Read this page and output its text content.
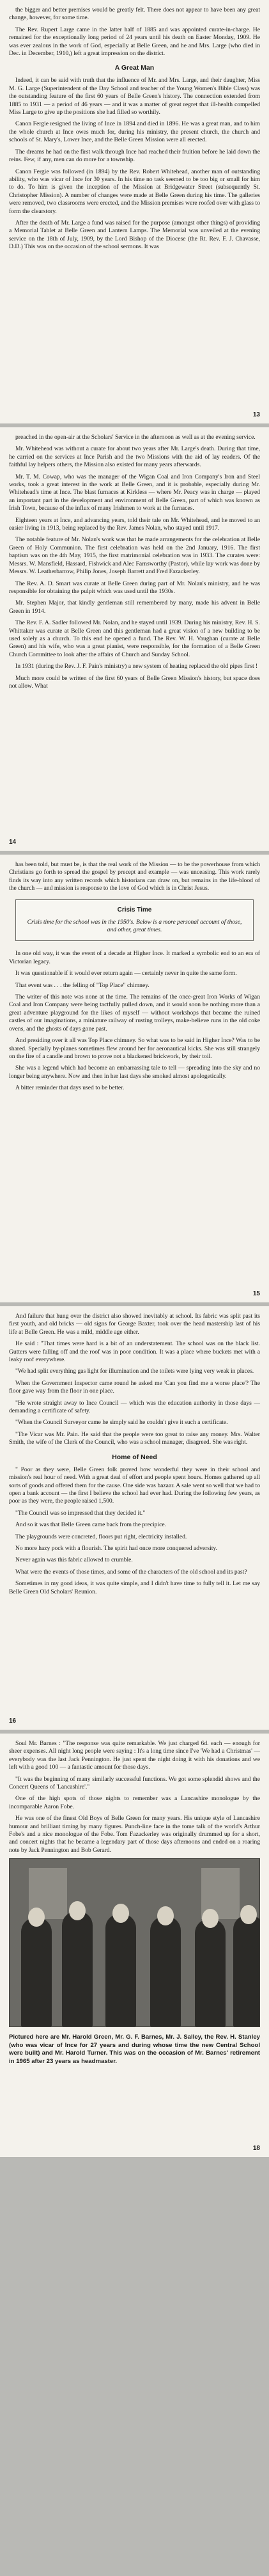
the bigger and better premises would be greatly felt. There does not appear to have been any great change, however, for some time.

The Rev. Rupert Large came in the latter half of 1885 and was appointed curate-in-charge. He remained for the exceptionally long period of 24 years until his death on Easter Monday, 1909. He was ever zealous in the work of God, especially at Belle Green, and he and Mrs. Large (who died in Dec. in December, 1910,) left a great impression on the district.

A Great Man

Indeed, it can be said with truth that the influence of Mr. and Mrs. Large, and their daughter, Miss M. G. Large (Superintendent of the Day School and teacher of the Young Women's Bible Class) was the outstanding feature of the first 60 years of Belle Green's history. The connection extended from 1885 to 1931 — a period of 46 years — and it was a matter of great regret that ill-health compelled Miss Large to give up the positions she had filled so worthily.

Canon Fergie resigned the living of Ince in 1894 and died in 1896. He was a great man, and to him the whole church at Ince owes much for, during his ministry, the present church, the church and schools of St. Mary's, Lower Ince, and the Belle Green Mission were all erected.

The dreams he had on the first walk through Ince had reached their fruition before he laid down the reins. Few, if any, men can do more for a township.

Canon Fergie was followed (in 1894) by the Rev. Robert Whitehead, another man of outstanding ability, who was vicar of Ince for 30 years. In his time no task seemed to be too big or small for him to do. To him is given the inception of the Mission at Bridgewater Street (subsequently St. Christopher Mission). A number of changes were made at Belle Green during his time. The galleries were removed, two classrooms were erected, and the Mission premises were roofed over with glass to form the clearstory.

After the death of Mr. Large a fund was raised for the purpose (amongst other things) of providing a Memorial Tablet at Belle Green and Lantern Lamps. The Memorial was unveiled at the evening service on the 18th of July, 1909, by the Lord Bishop of the Diocese (the Rt. Rev. F. J. Chavasse, D.D.) This was on the occasion of the school sermons. It was

13

preached in the open-air at the Scholars' Service in the afternoon as well as at the evening service.

Mr. Whitehead was without a curate for about two years after Mr. Large's death. During that time, he carried on the services at Ince Parish and the two Missions with the aid of lay readers. Of the faithful lay helpers others, the Mission also existed for many years afterwards.

Mr. T. M. Cowap, who was the manager of the Wigan Coal and Iron Company's Iron and Steel works, took a great interest in the work at Belle Green, and it is probable, especially during Mr. Whitehead's time at Ince. The blast furnaces at Kirkless — where Mr. Peacy was in charge — played an important part in the development and environment of Belle Green, part of which was known as Irish Town, because of the influx of many Irishmen to work at the furnaces.

Eighteen years at Ince, and advancing years, told their tale on Mr. Whitehead, and he moved to an easier living in 1913, being replaced by the Rev. James Nolan, who stayed until 1917.

The notable feature of Mr. Nolan's work was that he made arrangements for the celebration at Belle Green of Holy Communion. The first celebration was held on the 2nd January, 1916. The first baptism was on the 4th May, 1915, the first matrimonial celebration was in 1933. The curates were: Messrs. W. Mansfield, Hassard, Fishwick and Alec Farnsworthy (Pastor), while lay work was done by Messrs. W. Leatherbarrow, Philip Jones, Joseph Barrett and Fred Fazackerley.

The Rev. A. D. Smart was curate at Belle Green during part of Mr. Nolan's ministry, and he was responsible for obtaining the pulpit which was used until the 1930s.

Mr. Stephen Major, that kindly gentleman still remembered by many, made his advent in Belle Green in 1914.

The Rev. F. A. Sadler followed Mr. Nolan, and he stayed until 1939. During his ministry, Rev. H. S. Whittaker was curate at Belle Green and this gentleman had a great vision of a new building to be used solely as a church. To this end he opened a fund. The Rev. W. H. Vaughan (curate at Belle Green) and his wife, who was a great pianist, were responsible, for the formation of a Belle Green Church Committee to look after the affairs of Church and Sunday School.

In 1931 (during the Rev. J. F. Pain's ministry) a new system of heating replaced the old pipes first !

Much more could be written of the first 60 years of Belle Green Mission's history, but space does not allow. What

14

has been told, but must be, is that the real work of the Mission — to be the powerhouse from which Christians go forth to spread the gospel by precept and example — was unceasing. This work rarely finds its way into any written records which historians can draw on, but remains in the life-blood of the church — and mission is response to the love of God which is in Christ Jesus.

Crisis Time
Crisis time for the school was in the 1950's. Below is a more personal account of those, and other, great times.

In one old way, it was the event of a decade at Higher Ince. It marked a symbolic end to an era of Victorian legacy.

It was questionable if it would ever return again — certainly never in quite the same form.

That event was . . . the felling of "Top Place" chimney.

The writer of this note was none at the time. The remains of the once-great Iron Works of Wigan Coal and Iron Company were being tactfully pulled down, and it would soon be nothing more than a great adventure playground for the likes of myself — without workshops that became the ruined castles of our imaginations, a miniature railway of rusting trolleys, make-believe runs in the old coke ovens, and the ghosts of days gone past.

And presiding over it all was Top Place chimney. So what was to be said in Higher Ince? Was to be shared. Specially by-planes sometimes flew around her for aeronautical kicks. She was still strangely on the fire of a candle and brown to prove not a blackened brickwork, by their toil.

She was a legend which had become an embarrassing tale to tell — spreading into the sky and no longer being anywhere. Now and then in her last days she smoked almost apologetically.

A bitter reminder that days used to be better.

15

And failure that hung over the district also showed inevitably at school. Its fabric was split past its first youth, and old bricks — old signs for George Baxter, took over the head mastership last of his life at Belle Green. He was a mild, middle age either.

He said : "That times were hard is a bit of an understatement. The school was on the black list. Gutters were falling off and the roof was in poor condition. It was a place where buckets met with a leaky roof everywhere.

"We had split everything gas light for illumination and the toilets were lying very weak in places.

When the Government Inspector came round he asked me 'Can you find me a worse place'? The floor gave way from the floor in one place.

"He wrote straight away to Ince Council — which was the education authority in those days — demanding a certificate of safety.

"When the Council Surveyor came he simply said he couldn't give it such a certificate.

"The Vicar was Mr. Pain. He said that the people were too great to raise any money. Mrs. Walter Smith, the wife of the Clerk of the Council, who was a school manager, disagreed. She was right.

Home of Need

" Poor as they were, Belle Green folk proved how wonderful they were in their school and mission's real hour of need. With a great deal of effort and people spent hours. Homes gathered up all sorts of goods and offered them for the cause. One side was bazaar. A sale went so well that we had to open a bank account — the first I believe the school had ever had. During the following few years, as poor as they were, the people raised 1,500.

"The Council was so impressed that they decided it."

And so it was that Belle Green came back from the precipice.

The playgrounds were concreted, floors put right, electricity installed.

No more hazy pock with a flourish. The spirit had once more conquered adversity.

Never again was this fabric allowed to crumble.

What were the events of those times, and some of the characters of the old school and its past?

Sometimes in my good ideas, it was quite simple, and I didn't have time to fully tell it. Let me say Belle Green Old Scholars' Reunion.

16

Soul Mr. Barnes : "The response was quite remarkable. We just charged 6d. each — enough for sheer expenses. All night long people were saying : It's a long time since I've 'We had a Christmas' — everybody was the last Jack Pennington. He just spent the night doing it with his donations and we left with a good 100 — a fantastic amount for those days.

"It was the beginning of many similarly successful functions. We got some splendid shows and the Concert Queens of 'Lancashire'."

One of the high spots of those nights to remember was a Lancashire monologue by the incomparable Aaron Fobe.

He was one of the finest Old Boys of Belle Green for many years. His unique style of Lancashire humour and brilliant timing by many figures. Punch-line face in the tome talk of the world's Arthur Fobe's and a nice monologue of the Fobe. Tom Fazackerley was originally drummed up for a short, and concert nights that he became a legendary part of those days afternoons and ended on a roaring note by Jack Pennington and Bob Gerard.

Pictured here are Mr. Harold Green, Mr. G. F. Barnes, Mr. J. Salley, the Rev. H. Stanley (who was vicar of Ince for 27 years and during whose time the new Central School were built) and Mr. Harold Turner. This was on the occasion of Mr. Barnes' retirement in 1965 after 23 years as headmaster.

18
